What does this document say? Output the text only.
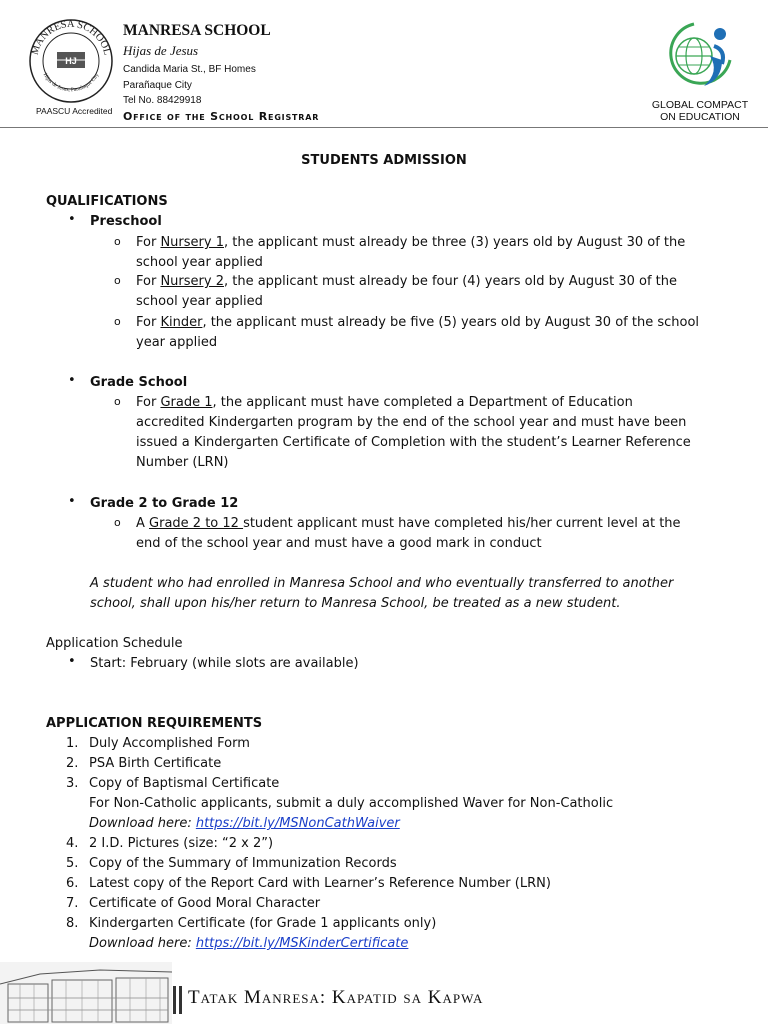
MANRESA SCHOOL
Hijas de Jesus, Parañaque City
HJ
PAASCU Accredited
MANRESA SCHOOL
Hijas de Jesus
Candida Maria St., BF Homes
Parañaque City
Tel No. 88429918
Office of the School Registrar
GLOBAL COMPACT
ON EDUCATION
STUDENTS ADMISSION
QUALIFICATIONS
• Preschool
o For Nursery 1, the applicant must already be three (3) years old by August 30 of the
school year applied
o For Nursery 2, the applicant must already be four (4) years old by August 30 of the
school year applied
o For Kinder, the applicant must already be five (5) years old by August 30 of the school
year applied
• Grade School
o For Grade 1, the applicant must have completed a Department of Education
accredited Kindergarten program by the end of the school year and must have been
issued a Kindergarten Certificate of Completion with the student’s Learner Reference
Number (LRN)
• Grade 2 to Grade 12
o A Grade 2 to 12 student applicant must have completed his/her current level at the
end of the school year and must have a good mark in conduct
A student who had enrolled in Manresa School and who eventually transferred to another
school, shall upon his/her return to Manresa School, be treated as a new student.
Application Schedule
• Start: February (while slots are available)
APPLICATION REQUIREMENTS
1. Duly Accomplished Form
2. PSA Birth Certificate
3. Copy of Baptismal Certificate
For Non-Catholic applicants, submit a duly accomplished Waver for Non-Catholic
Download here: https://bit.ly/MSNonCathWaiver
4. 2 I.D. Pictures (size: “2 x 2”)
5. Copy of the Summary of Immunization Records
6. Latest copy of the Report Card with Learner’s Reference Number (LRN)
7. Certificate of Good Moral Character
8. Kindergarten Certificate (for Grade 1 applicants only)
Download here: https://bit.ly/MSKinderCertificate
Tatak Manresa: Kapatid sa Kapwa
